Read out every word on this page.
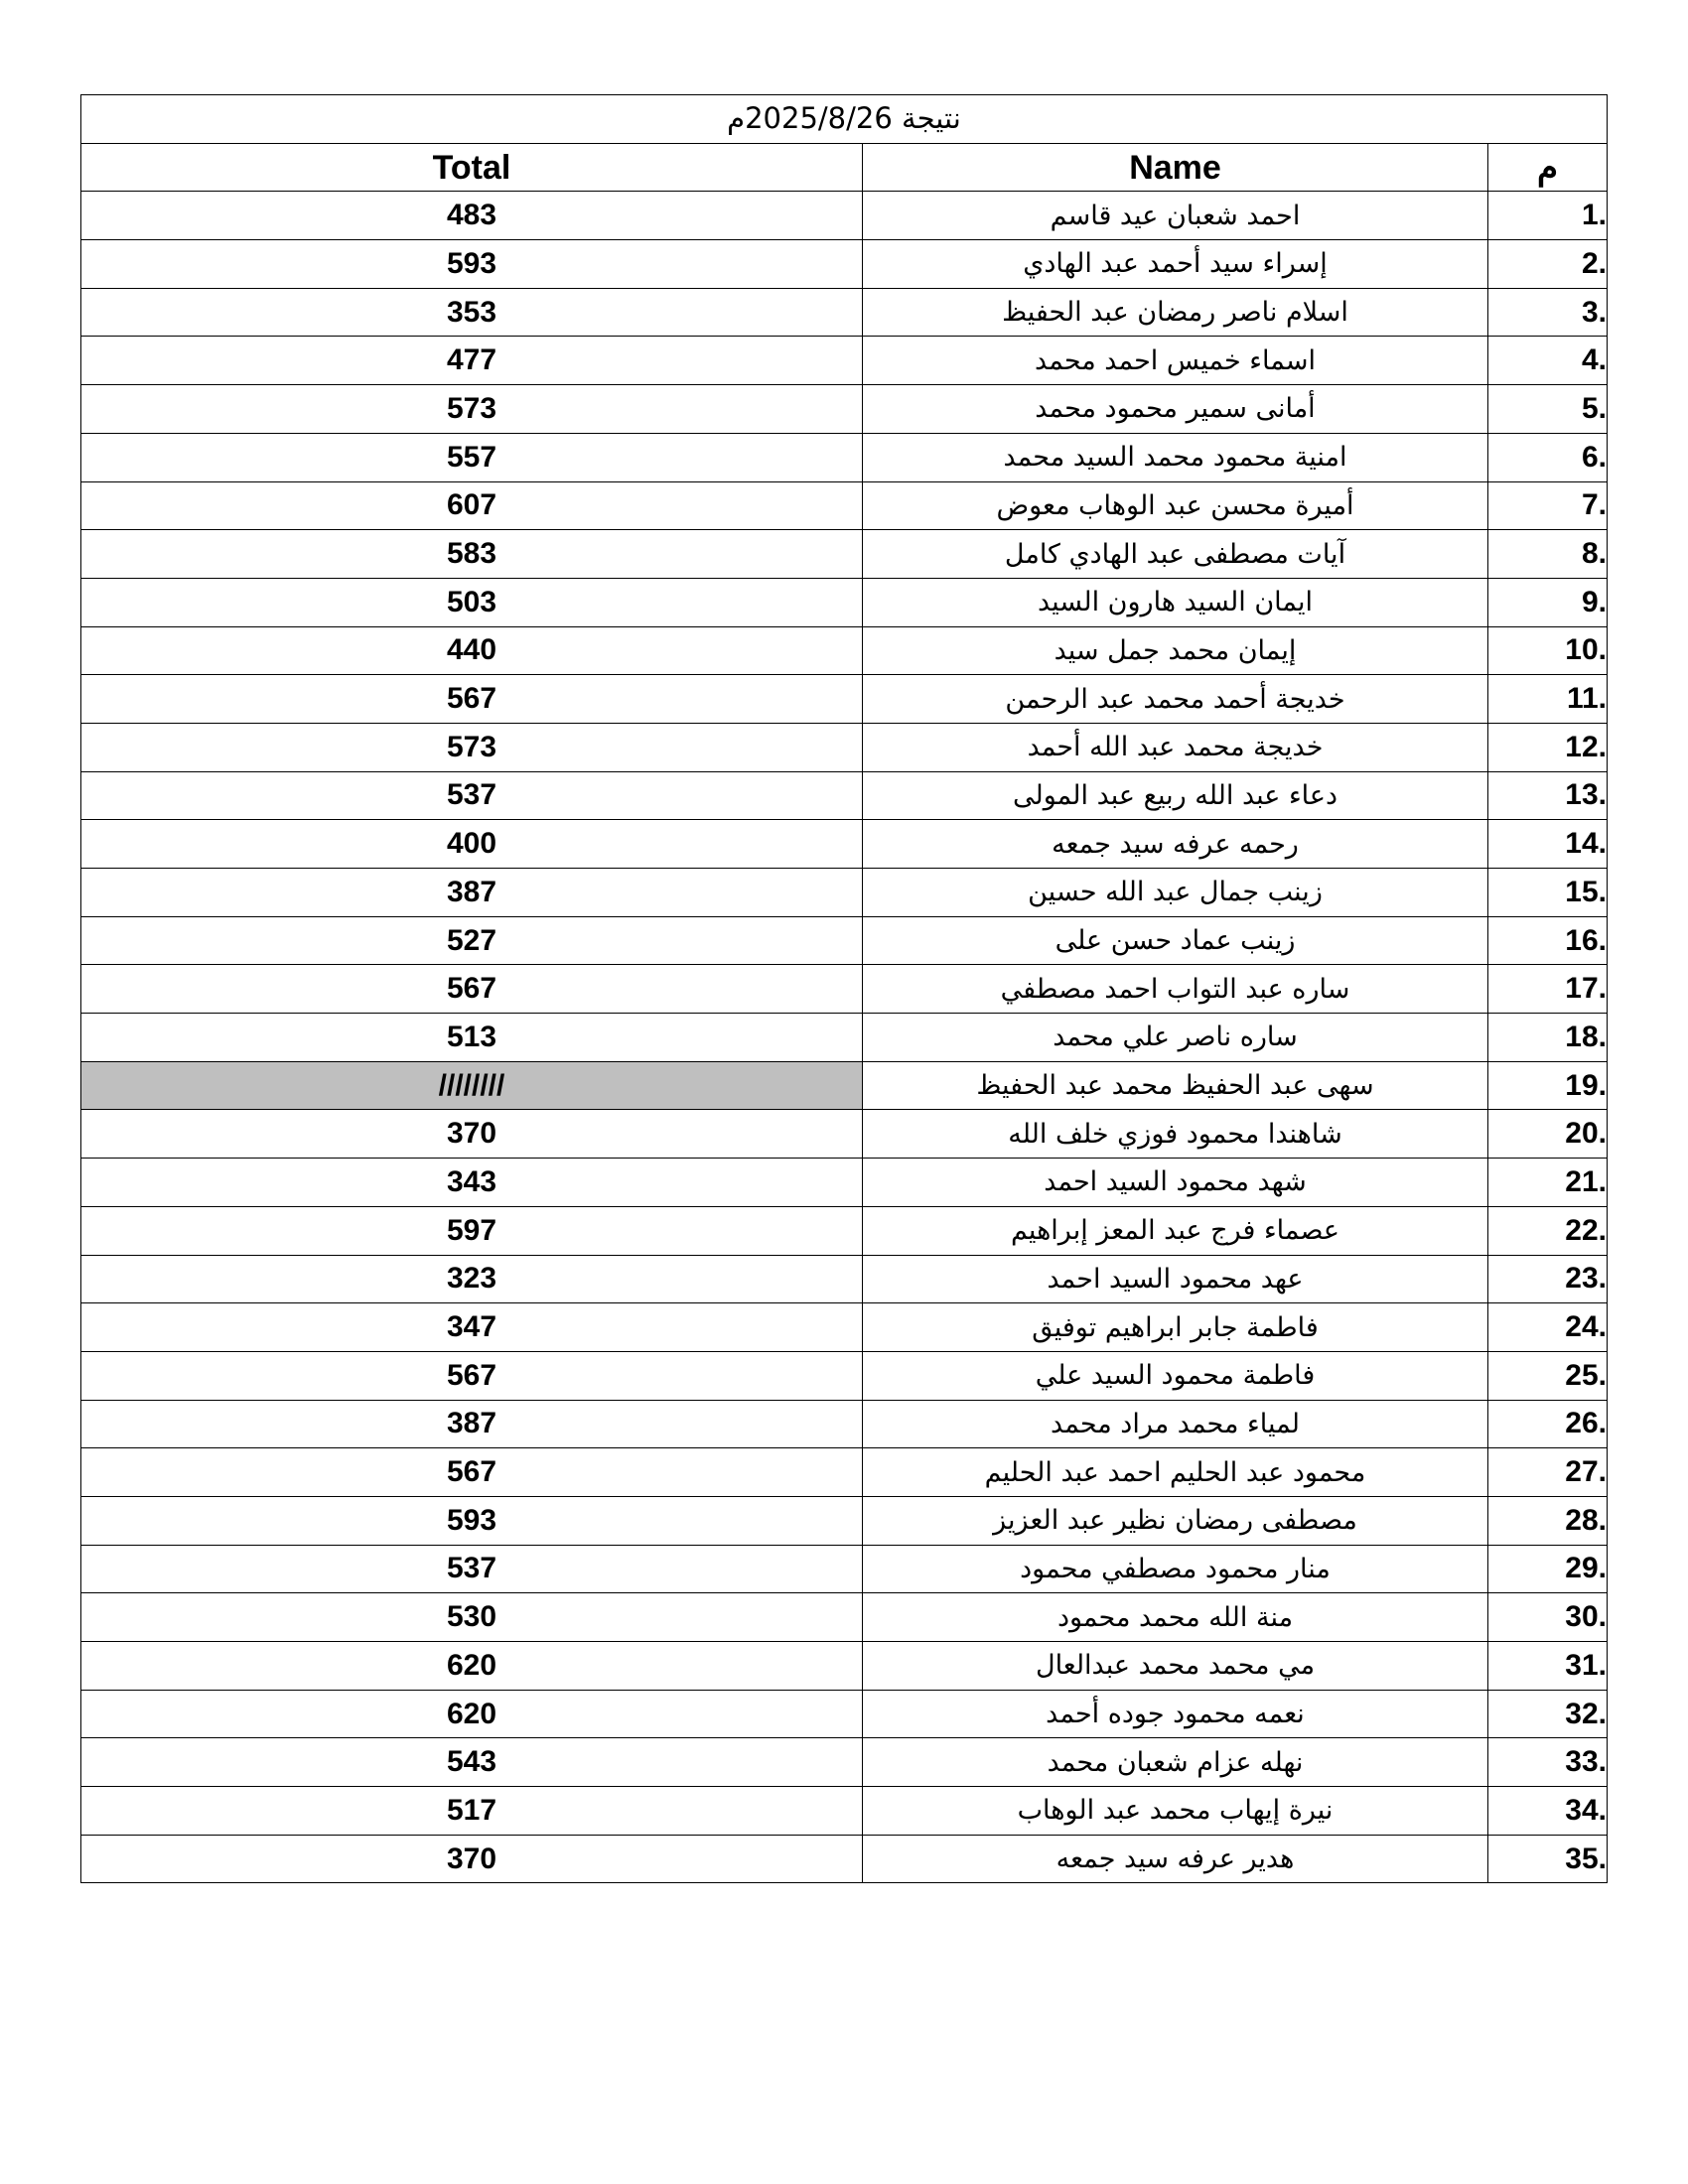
نتيجة 2025/8/26م		
Total	Name	م
483	احمد شعبان عيد قاسم	1.
593	إسراء سيد أحمد عبد الهادي	2.
353	اسلام ناصر رمضان عبد الحفيظ	3.
477	اسماء خميس احمد محمد	4.
573	أمانى سمير محمود محمد	5.
557	امنية محمود محمد السيد محمد	6.
607	أميرة محسن عبد الوهاب معوض	7.
583	آيات مصطفى عبد الهادي كامل	8.
503	ايمان السيد هارون السيد	9.
440	إيمان محمد جمل سيد	10.
567	خديجة أحمد محمد عبد الرحمن	11.
573	خديجة محمد عبد الله أحمد	12.
537	دعاء عبد الله ربيع عبد المولى	13.
400	رحمه عرفه سيد جمعه	14.
387	زينب جمال عبد الله حسين	15.
527	زينب عماد حسن على	16.
567	ساره عبد التواب احمد مصطفي	17.
513	ساره ناصر علي محمد	18.
////////	سهى عبد الحفيظ محمد عبد الحفيظ	19.
370	شاهندا محمود فوزي خلف الله	20.
343	شهد محمود السيد احمد	21.
597	عصماء فرج عبد المعز إبراهيم	22.
323	عهد محمود السيد احمد	23.
347	فاطمة جابر ابراهيم توفيق	24.
567	فاطمة محمود السيد علي	25.
387	لمياء محمد مراد محمد	26.
567	محمود عبد الحليم احمد عبد الحليم	27.
593	مصطفى رمضان نظير عبد العزيز	28.
537	منار محمود مصطفي محمود	29.
530	منة الله محمد محمود	30.
620	مي محمد محمد عبدالعال	31.
620	نعمه محمود جوده أحمد	32.
543	نهله عزام شعبان محمد	33.
517	نيرة إيهاب محمد عبد الوهاب	34.
370	هدير عرفه سيد جمعه	35.
